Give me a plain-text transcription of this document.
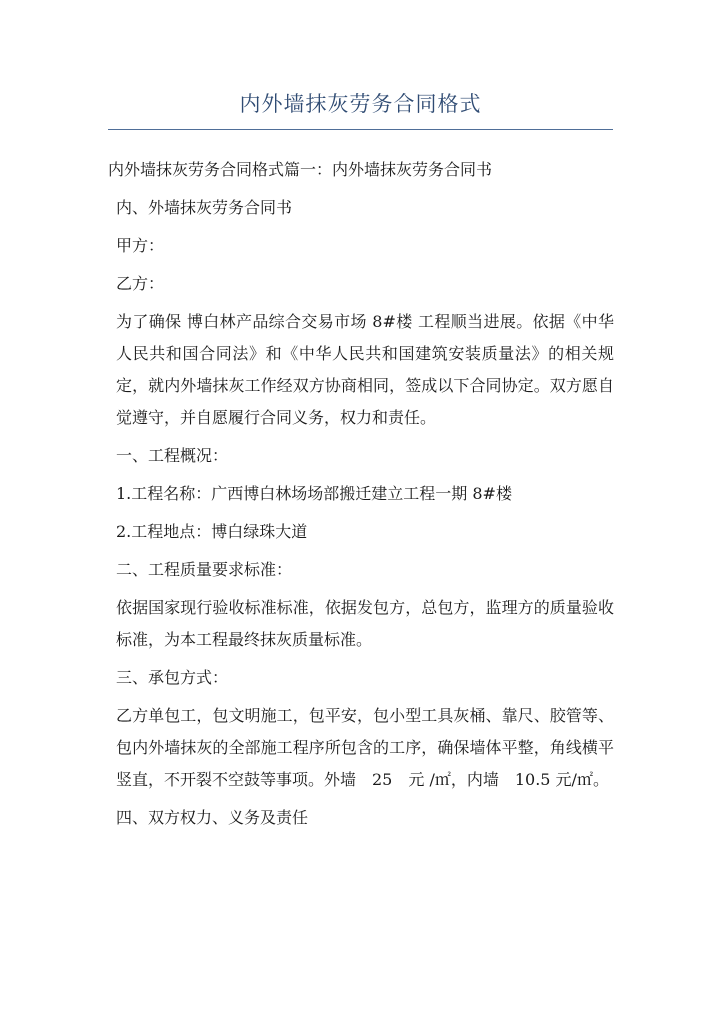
内外墙抹灰劳务合同格式

内外墙抹灰劳务合同格式篇一：内外墙抹灰劳务合同书

内、外墙抹灰劳务合同书

甲方：

乙方：

为了确保 博白林产品综合交易市场 8#楼 工程顺当进展。依据《中华人民共和国合同法》和《中华人民共和国建筑安装质量法》的相关规定，就内外墙抹灰工作经双方协商相同，签成以下合同协定。双方愿自觉遵守，并自愿履行合同义务，权力和责任。

一、工程概况：

1.工程名称：广西博白林场场部搬迁建立工程一期 8#楼

2.工程地点：博白绿珠大道

二、工程质量要求标准：

依据国家现行验收标准标准，依据发包方，总包方，监理方的质量验收标准，为本工程最终抹灰质量标准。

三、承包方式：

乙方单包工，包文明施工，包平安，包小型工具灰桶、靠尺、胶管等、包内外墙抹灰的全部施工程序所包含的工序，确保墙体平整，角线横平竖直，不开裂不空鼓等事项。外墙　25　元 /㎡，内墙　10.5 元/㎡。

四、双方权力、义务及责任
